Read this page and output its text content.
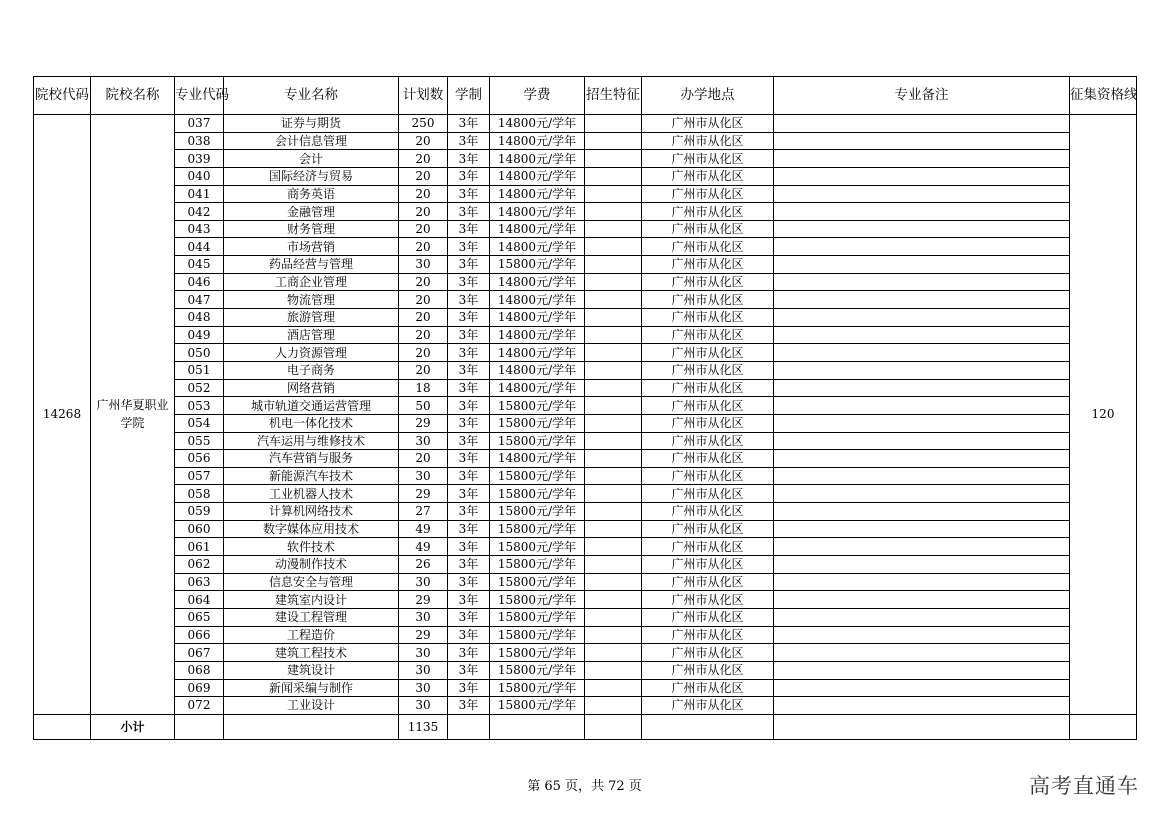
院校代码	院校名称	专业代码	专业名称	计划数	学制	学费	招生特征	办学地点	专业备注	征集资格线
14268	广州华夏职业学院	037	证券与期货	250	3年	14800元/学年		广州市从化区		120
		038	会计信息管理	20	3年	14800元/学年		广州市从化区		
		039	会计	20	3年	14800元/学年		广州市从化区		
		040	国际经济与贸易	20	3年	14800元/学年		广州市从化区		
		041	商务英语	20	3年	14800元/学年		广州市从化区		
		042	金融管理	20	3年	14800元/学年		广州市从化区		
		043	财务管理	20	3年	14800元/学年		广州市从化区		
		044	市场营销	20	3年	14800元/学年		广州市从化区		
		045	药品经营与管理	30	3年	15800元/学年		广州市从化区		
		046	工商企业管理	20	3年	14800元/学年		广州市从化区		
		047	物流管理	20	3年	14800元/学年		广州市从化区		
		048	旅游管理	20	3年	14800元/学年		广州市从化区		
		049	酒店管理	20	3年	14800元/学年		广州市从化区		
		050	人力资源管理	20	3年	14800元/学年		广州市从化区		
		051	电子商务	20	3年	14800元/学年		广州市从化区		
		052	网络营销	18	3年	14800元/学年		广州市从化区		
		053	城市轨道交通运营管理	50	3年	15800元/学年		广州市从化区		
		054	机电一体化技术	29	3年	15800元/学年		广州市从化区		
		055	汽车运用与维修技术	30	3年	15800元/学年		广州市从化区		
		056	汽车营销与服务	20	3年	14800元/学年		广州市从化区		
		057	新能源汽车技术	30	3年	15800元/学年		广州市从化区		
		058	工业机器人技术	29	3年	15800元/学年		广州市从化区		
		059	计算机网络技术	27	3年	15800元/学年		广州市从化区		
		060	数字媒体应用技术	49	3年	15800元/学年		广州市从化区		
		061	软件技术	49	3年	15800元/学年		广州市从化区		
		062	动漫制作技术	26	3年	15800元/学年		广州市从化区		
		063	信息安全与管理	30	3年	15800元/学年		广州市从化区		
		064	建筑室内设计	29	3年	15800元/学年		广州市从化区		
		065	建设工程管理	30	3年	15800元/学年		广州市从化区		
		066	工程造价	29	3年	15800元/学年		广州市从化区		
		067	建筑工程技术	30	3年	15800元/学年		广州市从化区		
		068	建筑设计	30	3年	15800元/学年		广州市从化区		
		069	新闻采编与制作	30	3年	15800元/学年		广州市从化区		
		072	工业设计	30	3年	15800元/学年		广州市从化区		
	小计			1135						
第 65 页，共 72 页	高考直通车
